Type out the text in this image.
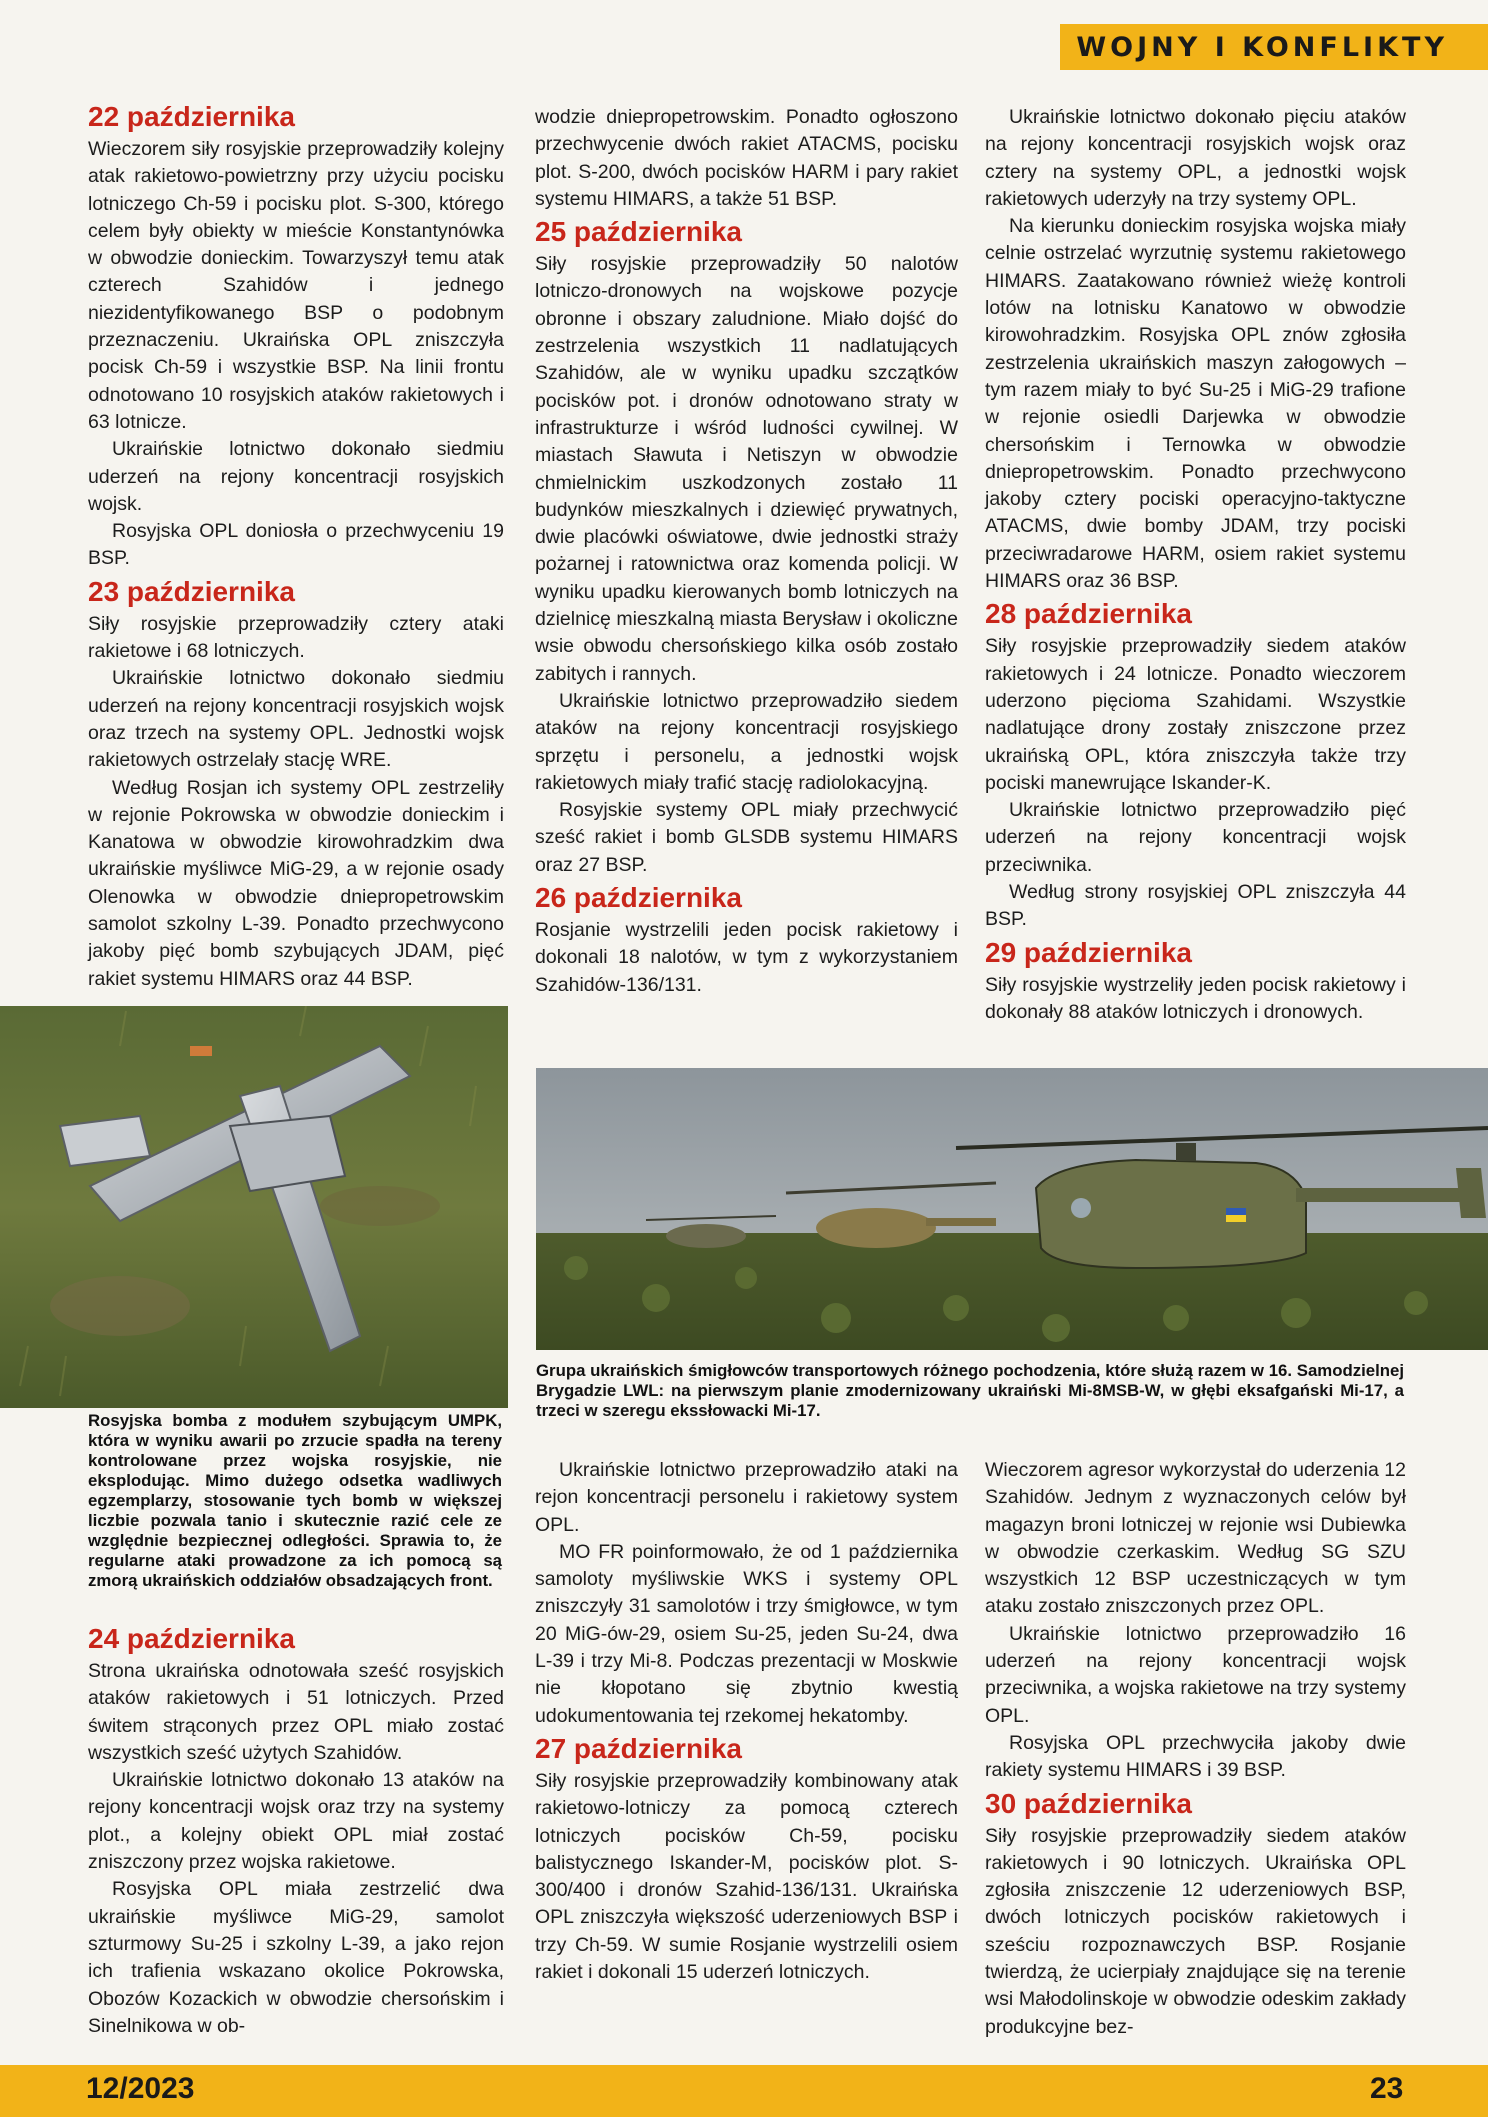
WOJNY I KONFLIKTY
22 października

Wieczorem siły rosyjskie przeprowadziły kolejny atak rakietowo-powietrzny przy użyciu pocisku lotniczego Ch-59 i pocisku plot. S-300, którego celem były obiekty w mieście Konstantynówka w obwodzie donieckim. Towarzyszył temu atak czterech Szahidów i jednego niezidentyfikowanego BSP o podobnym przeznaczeniu. Ukraińska OPL zniszczyła pocisk Ch-59 i wszystkie BSP. Na linii frontu odnotowano 10 rosyjskich ataków rakietowych i 63 lotnicze.

Ukraińskie lotnictwo dokonało siedmiu uderzeń na rejony koncentracji rosyjskich wojsk.

Rosyjska OPL doniosła o przechwyceniu 19 BSP.

23 października

Siły rosyjskie przeprowadziły cztery ataki rakietowe i 68 lotniczych.

Ukraińskie lotnictwo dokonało siedmiu uderzeń na rejony koncentracji rosyjskich wojsk oraz trzech na systemy OPL. Jednostki wojsk rakietowych ostrzelały stację WRE.

Według Rosjan ich systemy OPL zestrzeliły w rejonie Pokrowska w obwodzie donieckim i Kanatowa w obwodzie kirowohradzkim dwa ukraińskie myśliwce MiG-29, a w rejonie osady Olenowka w obwodzie dniepropetrowskim samolot szkolny L-39. Ponadto przechwycono jakoby pięć bomb szybujących JDAM, pięć rakiet systemu HIMARS oraz 44 BSP.

Rosyjska bomba z modułem szybującym UMPK, która w wyniku awarii po zrzucie spadła na tereny kontrolowane przez wojska rosyjskie, nie eksplodując. Mimo dużego odsetka wadliwych egzemplarzy, stosowanie tych bomb w większej liczbie pozwala tanio i skutecznie razić cele ze względnie bezpiecznej odległości. Sprawia to, że regularne ataki prowadzone za ich pomocą są zmorą ukraińskich oddziałów obsadzających front.
24 października

Strona ukraińska odnotowała sześć rosyjskich ataków rakietowych i 51 lotniczych. Przed świtem strąconych przez OPL miało zostać wszystkich sześć użytych Szahidów.

Ukraińskie lotnictwo dokonało 13 ataków na rejony koncentracji wojsk oraz trzy na systemy plot., a kolejny obiekt OPL miał zostać zniszczony przez wojska rakietowe.

Rosyjska OPL miała zestrzelić dwa ukraińskie myśliwce MiG-29, samolot szturmowy Su-25 i szkolny L-39, a jako rejon ich trafienia wskazano okolice Pokrowska, Obozów Kozackich w obwodzie chersońskim i Sinelnikowa w ob-

wodzie dniepropetrowskim. Ponadto ogłoszono przechwycenie dwóch rakiet ATACMS, pocisku plot. S-200, dwóch pocisków HARM i pary rakiet systemu HIMARS, a także 51 BSP.

25 października

Siły rosyjskie przeprowadziły 50 nalotów lotniczo-dronowych na wojskowe pozycje obronne i obszary zaludnione. Miało dojść do zestrzelenia wszystkich 11 nadlatujących Szahidów, ale w wyniku upadku szczątków pocisków pot. i dronów odnotowano straty w infrastrukturze i wśród ludności cywilnej. W miastach Sławuta i Netiszyn w obwodzie chmielnickim uszkodzonych zostało 11 budynków mieszkalnych i dziewięć prywatnych, dwie placówki oświatowe, dwie jednostki straży pożarnej i ratownictwa oraz komenda policji. W wyniku upadku kierowanych bomb lotniczych na dzielnicę mieszkalną miasta Berysław i okoliczne wsie obwodu chersońskiego kilka osób zostało zabitych i rannych.

Ukraińskie lotnictwo przeprowadziło siedem ataków na rejony koncentracji rosyjskiego sprzętu i personelu, a jednostki wojsk rakietowych miały trafić stację radiolokacyjną.

Rosyjskie systemy OPL miały przechwycić sześć rakiet i bomb GLSDB systemu HIMARS oraz 27 BSP.

26 października

Rosjanie wystrzelili jeden pocisk rakietowy i dokonali 18 nalotów, w tym z wykorzystaniem Szahidów-136/131.

Ukraińskie lotnictwo dokonało pięciu ataków na rejony koncentracji rosyjskich wojsk oraz cztery na systemy OPL, a jednostki wojsk rakietowych uderzyły na trzy systemy OPL.

Na kierunku donieckim rosyjska wojska miały celnie ostrzelać wyrzutnię systemu rakietowego HIMARS. Zaatakowano również wieżę kontroli lotów na lotnisku Kanatowo w obwodzie kirowohradzkim. Rosyjska OPL znów zgłosiła zestrzelenia ukraińskich maszyn załogowych – tym razem miały to być Su-25 i MiG-29 trafione w rejonie osiedli Darjewka w obwodzie chersońskim i Ternowka w obwodzie dniepropetrowskim. Ponadto przechwycono jakoby cztery pociski operacyjno-taktyczne ATACMS, dwie bomby JDAM, trzy pociski przeciwradarowe HARM, osiem rakiet systemu HIMARS oraz 36 BSP.

28 października

Siły rosyjskie przeprowadziły siedem ataków rakietowych i 24 lotnicze. Ponadto wieczorem uderzono pięcioma Szahidami. Wszystkie nadlatujące drony zostały zniszczone przez ukraińską OPL, która zniszczyła także trzy pociski manewrujące Iskander-K.

Ukraińskie lotnictwo przeprowadziło pięć uderzeń na rejony koncentracji wojsk przeciwnika.

Według strony rosyjskiej OPL zniszczyła 44 BSP.

29 października

Siły rosyjskie wystrzeliły jeden pocisk rakietowy i dokonały 88 ataków lotniczych i dronowych.

Grupa ukraińskich śmigłowców transportowych różnego pochodzenia, które służą razem w 16. Samodzielnej Brygadzie LWL: na pierwszym planie zmodernizowany ukraiński Mi-8MSB-W, w głębi eksafgański Mi-17, a trzeci w szeregu ekssłowacki Mi-17.

Ukraińskie lotnictwo przeprowadziło ataki na rejon koncentracji personelu i rakietowy system OPL.

MO FR poinformowało, że od 1 października samoloty myśliwskie WKS i systemy OPL zniszczyły 31 samolotów i trzy śmigłowce, w tym 20 MiG-ów-29, osiem Su-25, jeden Su-24, dwa L-39 i trzy Mi-8. Podczas prezentacji w Moskwie nie kłopotano się zbytnio kwestią udokumentowania tej rzekomej hekatomby.

27 października

Siły rosyjskie przeprowadziły kombinowany atak rakietowo-lotniczy za pomocą czterech lotniczych pocisków Ch-59, pocisku balistycznego Iskander-M, pocisków plot. S-300/400 i dronów Szahid-136/131. Ukraińska OPL zniszczyła większość uderzeniowych BSP i trzy Ch-59. W sumie Rosjanie wystrzelili osiem rakiet i dokonali 15 uderzeń lotniczych.

Wieczorem agresor wykorzystał do uderzenia 12 Szahidów. Jednym z wyznaczonych celów był magazyn broni lotniczej w rejonie wsi Dubiewka w obwodzie czerkaskim. Według SG SZU wszystkich 12 BSP uczestniczących w tym ataku zostało zniszczonych przez OPL.

Ukraińskie lotnictwo przeprowadziło 16 uderzeń na rejony koncentracji wojsk przeciwnika, a wojska rakietowe na trzy systemy OPL.

Rosyjska OPL przechwyciła jakoby dwie rakiety systemu HIMARS i 39 BSP.

30 października

Siły rosyjskie przeprowadziły siedem ataków rakietowych i 90 lotniczych. Ukraińska OPL zgłosiła zniszczenie 12 uderzeniowych BSP, dwóch lotniczych pocisków rakietowych i sześciu rozpoznawczych BSP. Rosjanie twierdzą, że ucierpiały znajdujące się na terenie wsi Małodolinskoje w obwodzie odeskim zakłady produkcyjne bez-

12/2023	23
